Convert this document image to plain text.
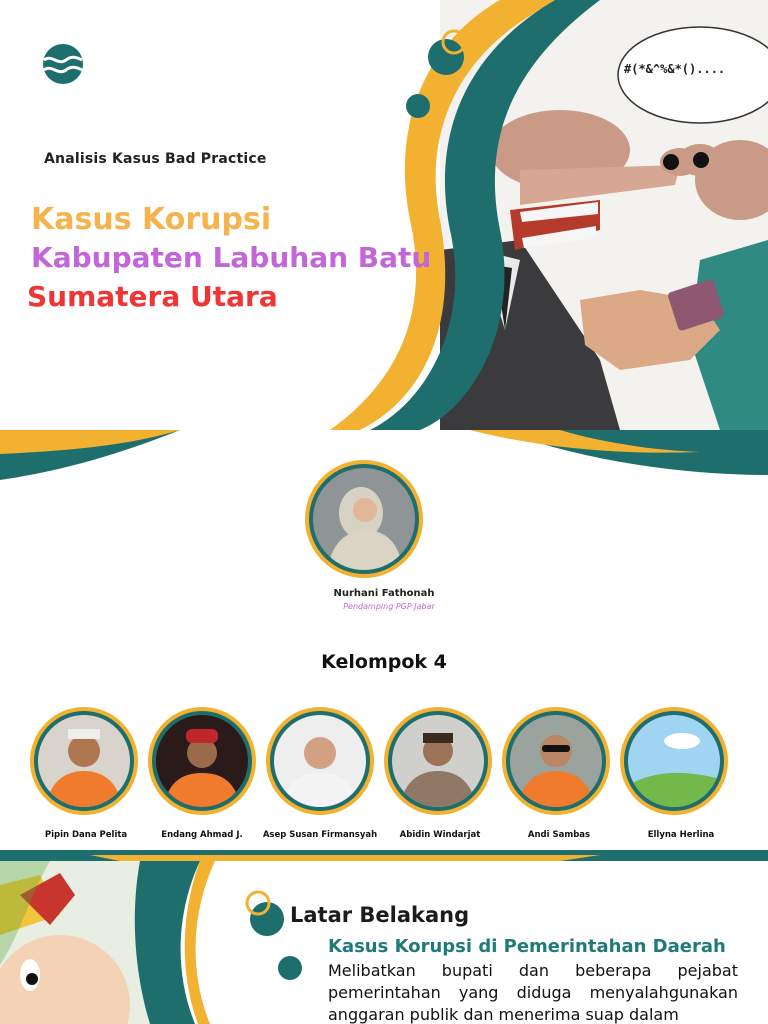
#(*&^%&*()....
Analisis Kasus Bad Practice
Kasus Korupsi
Kabupaten Labuhan Batu
Sumatera Utara
Nurhani Fathonah
Pendamping PGP Jabar
Kelompok 4
Pipin Dana Pelita	Endang Ahmad J.	Asep Susan Firmansyah	Abidin Windarjat	Andi Sambas	Ellyna Herlina
Latar Belakang
Kasus Korupsi di Pemerintahan Daerah
Melibatkan bupati dan beberapa pejabat pemerintahan yang diduga menyalahgunakan anggaran publik dan menerima suap dalam
